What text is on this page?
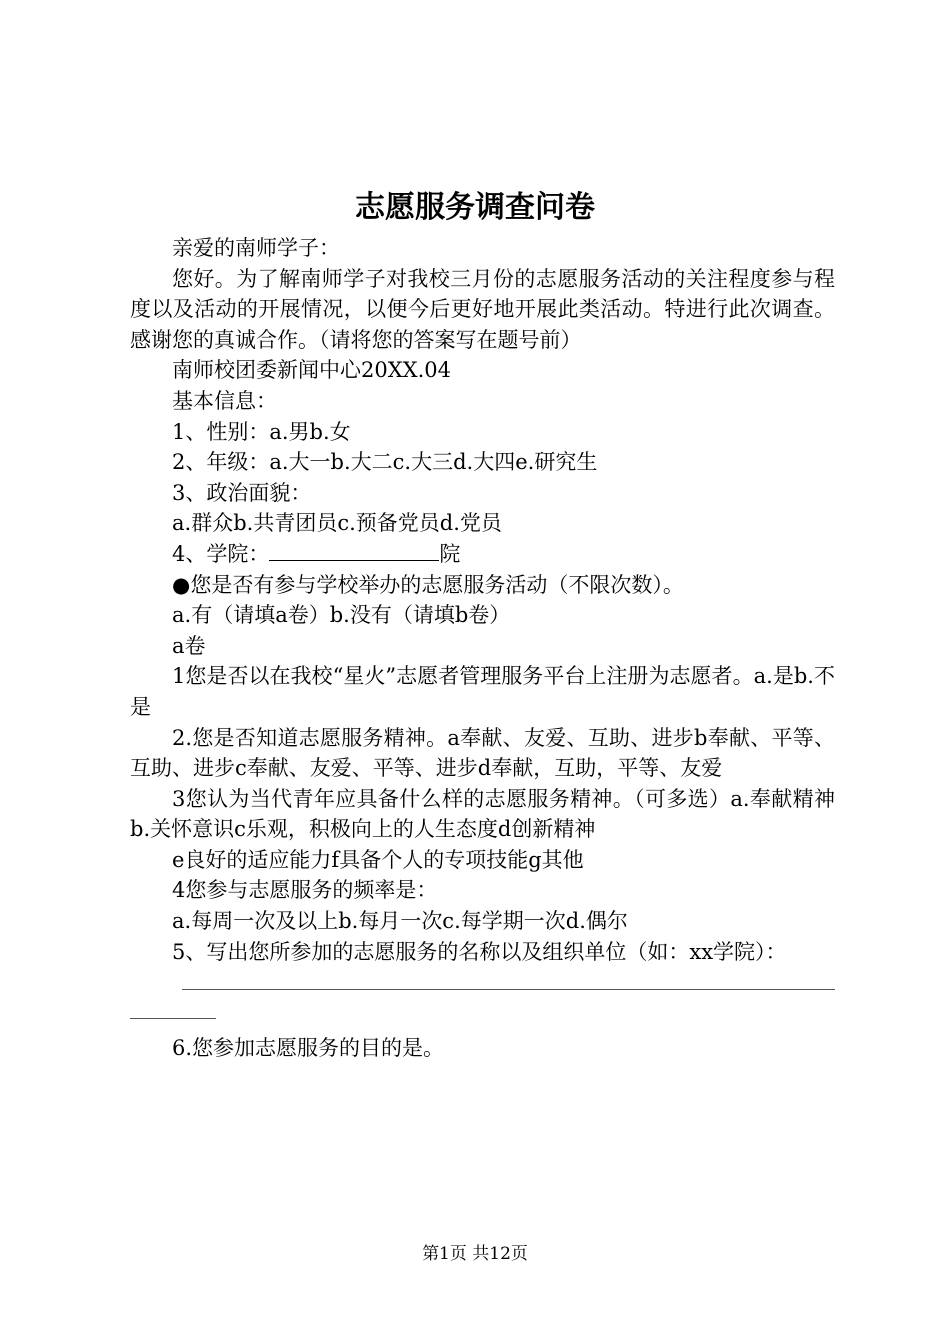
志愿服务调查问卷

亲爱的南师学子：

您好。为了解南师学子对我校三月份的志愿服务活动的关注程度参与程度以及活动的开展情况，以便今后更好地开展此类活动。特进行此次调查。感谢您的真诚合作。（请将您的答案写在题号前）

南师校团委新闻中心20XX.04

基本信息：

1、性别：a.男b.女

2、年级：a.大一b.大二c.大三d.大四e.研究生

3、政治面貌：

a.群众b.共青团员c.预备党员d.党员

4、学院：	院

●您是否有参与学校举办的志愿服务活动（不限次数）。

a.有（请填a卷）b.没有（请填b卷）

a卷

1您是否以在我校“星火”志愿者管理服务平台上注册为志愿者。a.是b.不是

2.您是否知道志愿服务精神。a奉献、友爱、互助、进步b奉献、平等、互助、进步c奉献、友爱、平等、进步d奉献，互助，平等、友爱

3您认为当代青年应具备什么样的志愿服务精神。（可多选）a.奉献精神b.关怀意识c乐观，积极向上的人生态度d创新精神

e良好的适应能力f具备个人的专项技能g其他

4您参与志愿服务的频率是：

a.每周一次及以上b.每月一次c.每学期一次d.偶尔

5、写出您所参加的志愿服务的名称以及组织单位（如：xx学院）：

6.您参加志愿服务的目的是。

第1页 共12页
